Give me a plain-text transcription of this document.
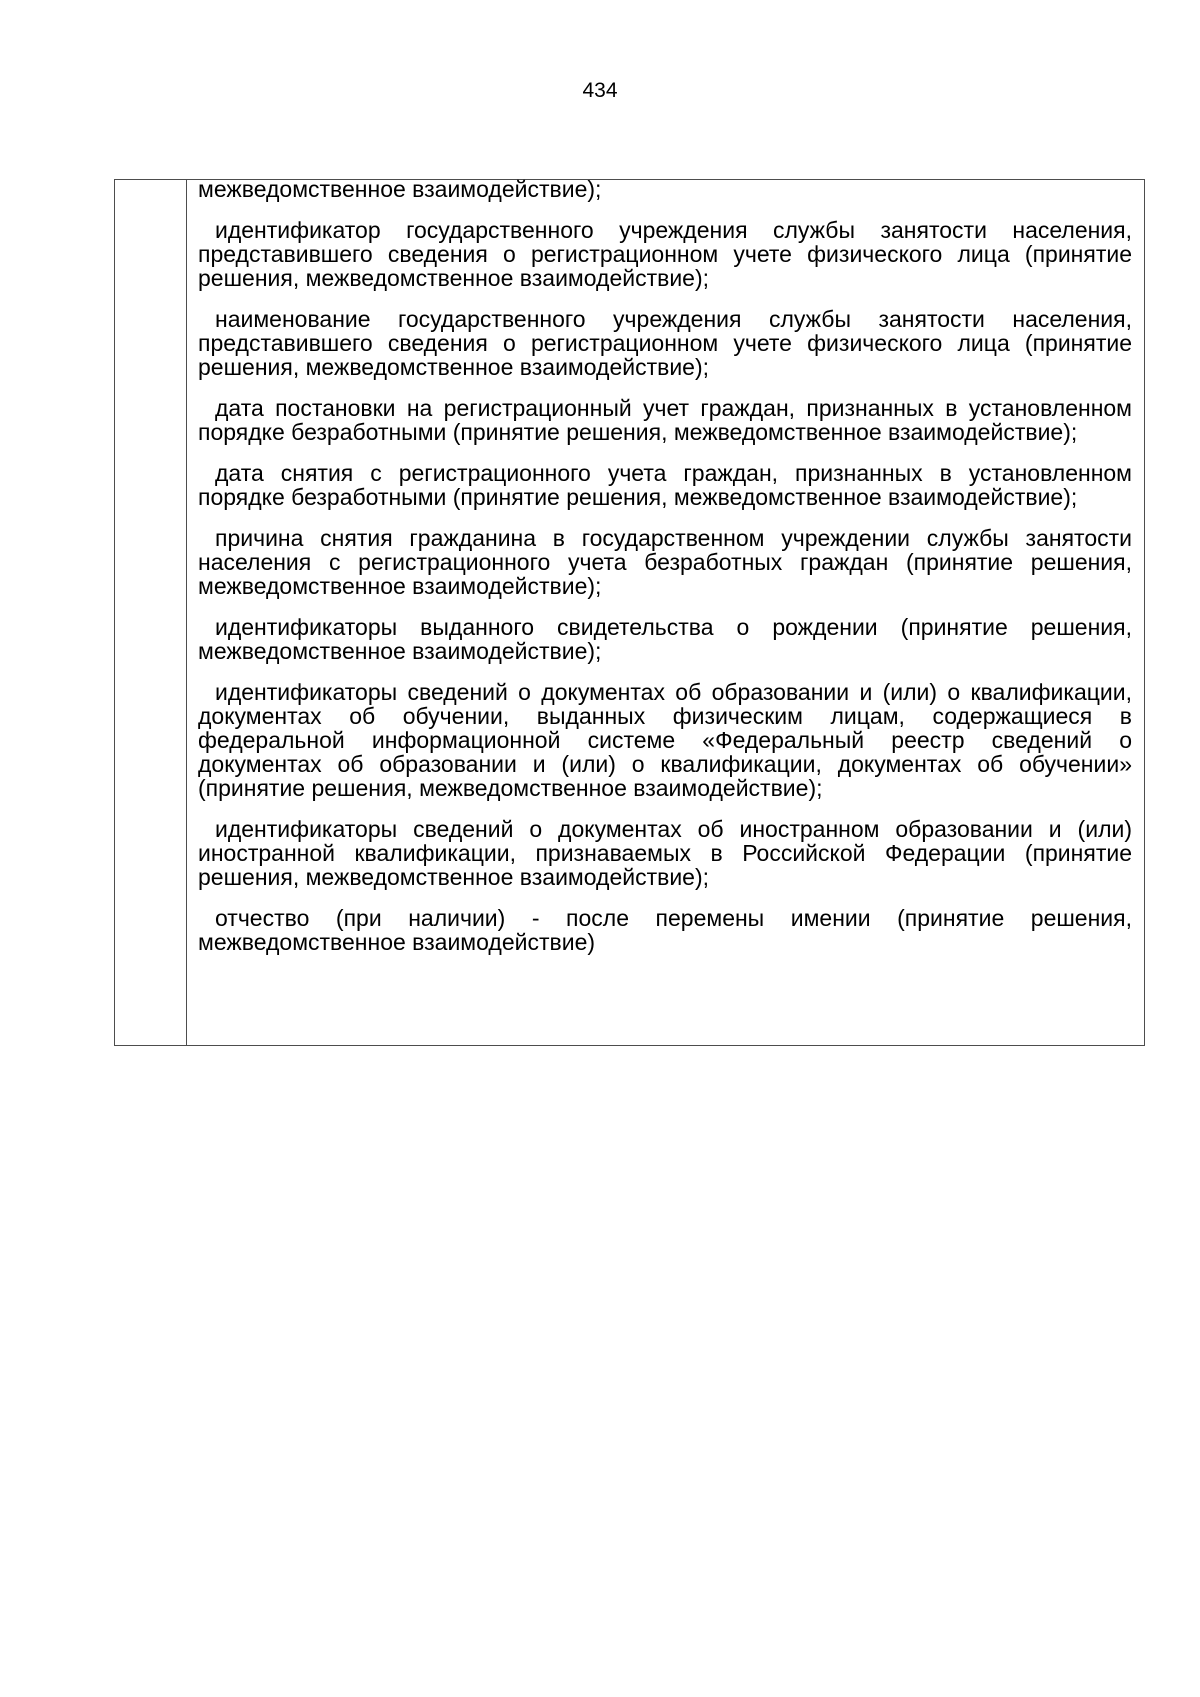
434

межведомственное взаимодействие);

идентификатор государственного учреждения службы занятости населения, представившего сведения о регистрационном учете физического лица (принятие решения, межведомственное взаимодействие);

наименование государственного учреждения службы занятости населения, представившего сведения о регистрационном учете физического лица (принятие решения, межведомственное взаимодействие);

дата постановки на регистрационный учет граждан, признанных в установленном порядке безработными (принятие решения, межведомственное взаимодействие);

дата снятия с регистрационного учета граждан, признанных в установленном порядке безработными (принятие решения, межведомственное взаимодействие);

причина снятия гражданина в государственном учреждении службы занятости населения с регистрационного учета безработных граждан (принятие решения, межведомственное взаимодействие);

идентификаторы выданного свидетельства о рождении (принятие решения, межведомственное взаимодействие);

идентификаторы сведений о документах об образовании и (или) о квалификации, документах об обучении, выданных физическим лицам, содержащиеся в федеральной информационной системе «Федеральный реестр сведений о документах об образовании и (или) о квалификации, документах об обучении» (принятие решения, межведомственное взаимодействие);

идентификаторы сведений о документах об иностранном образовании и (или) иностранной квалификации, признаваемых в Российской Федерации (принятие решения, межведомственное взаимодействие);

отчество (при наличии) - после перемены имении (принятие решения, межведомственное взаимодействие)
